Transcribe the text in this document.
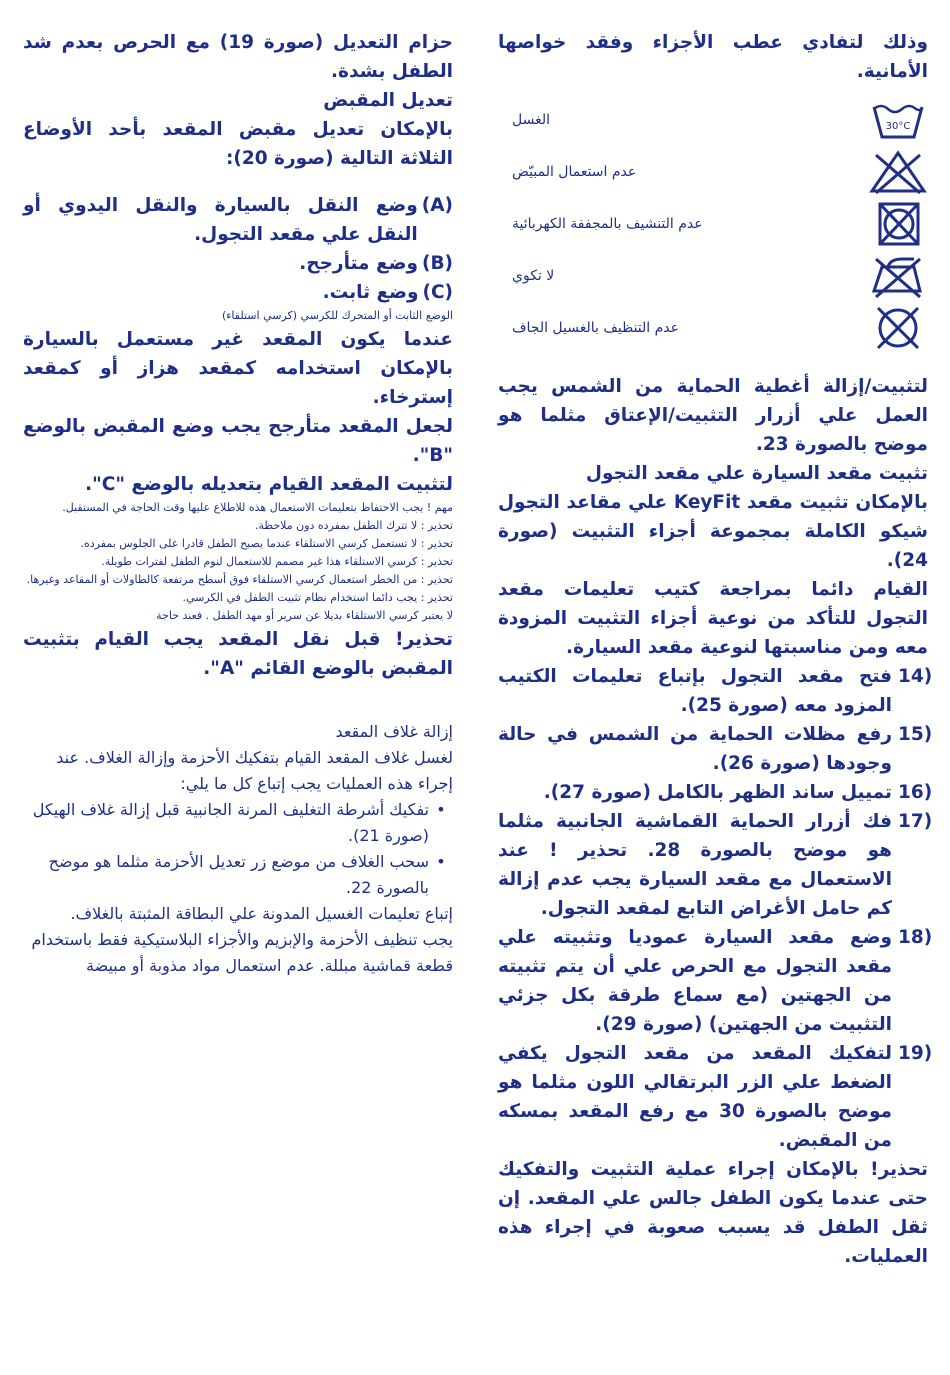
وذلك لتفادي عطب الأجزاء وفقد خواصها الأمانية.

30°C
الغسل
عدم استعمال المبيّض
عدم التنشيف بالمجففة الكهربائية
لا تكوي
عدم التنظيف بالغسيل الجاف

لتثبيت/إزالة أغطية الحماية من الشمس يجب العمل علي أزرار التثبيت/الإعتاق مثلما هو موضح بالصورة 23.

تثبيت مقعد السيارة علي مقعد التجول

بالإمكان تثبيت مقعد KeyFit علي مقاعد التجول شيكو الكاملة بمجموعة أجزاء التثبيت (صورة 24).

القيام دائما بمراجعة كتيب تعليمات مقعد التجول للتأكد من نوعية أجزاء التثبيت المزودة معه ومن مناسبتها لنوعية مقعد السيارة.

14)
فتح مقعد التجول بإتباع تعليمات الكتيب المزود معه (صورة 25).
15)
رفع مظلات الحماية من الشمس في حالة وجودها (صورة 26).
16)
تمييل ساند الظهر بالكامل (صورة 27).
17)
فك أزرار الحماية القماشية الجانبية مثلما هو موضح بالصورة 28. تحذير ! عند الاستعمال مع مقعد السيارة يجب عدم إزالة كم حامل الأغراض التابع لمقعد التجول.
18)
وضع مقعد السيارة عموديا وتثبيته علي مقعد التجول مع الحرص علي أن يتم تثبيته من الجهتين (مع سماع طرقة بكل جزئي التثبيت من الجهتين) (صورة 29).
19)
لتفكيك المقعد من مقعد التجول يكفي الضغط علي الزر البرتقالي اللون مثلما هو موضح بالصورة 30 مع رفع المقعد بمسكه من المقبض.

تحذير! بالإمكان إجراء عملية التثبيت والتفكيك حتى عندما يكون الطفل جالس علي المقعد. إن ثقل الطفل قد يسبب صعوبة في إجراء هذه العمليات.

حزام التعديل (صورة 19) مع الحرص بعدم شد الطفل بشدة.

تعديل المقبض

بالإمكان تعديل مقبض المقعد بأحد الأوضاع الثلاثة التالية (صورة 20):

(A)
وضع النقل بالسيارة والنقل اليدوي أو النقل علي مقعد التجول.
(B)
وضع متأرجح.
(C)
وضع ثابت.

الوضع الثابت أو المتحرك للكرسي (كرسي استلقاء)

عندما يكون المقعد غير مستعمل بالسيارة بالإمكان استخدامه كمقعد هزاز أو كمقعد إسترخاء.

لجعل المقعد متأرجح يجب وضع المقبض بالوضع "B".

لتثبيت المقعد القيام بتعديله بالوضع "C".

مهم ! يجب الاحتفاظ بتعليمات الاستعمال هذه للاطلاع عليها وقت الحاجة في المستقبل.

تحذير : لا تترك الطفل بمفرده دون ملاحظة.

تحذير : لا تستعمل كرسي الاستلقاء عندما يصبح الطفل قادرا على الجلوس بمفرده.

تحذير : كرسي الاستلقاء هذا غير مصمم للاستعمال لنوم الطفل لفترات طويلة.

تحذير : من الخطر استعمال كرسي الاستلقاء فوق أسطح مرتفعة كالطاولات أو المقاعد وغيرها.

تحذير : يجب دائما استخدام نظام تثبيت الطفل في الكرسي.

لا يعتبر كرسي الاستلقاء بديلا عن سرير أو مهد الطفل . فعند حاجة

تحذير! قبل نقل المقعد يجب القيام بتثبيت المقبض بالوضع القائم "A".

إزالة غلاف المقعد

لغسل غلاف المقعد القيام بتفكيك الأحزمة وإزالة الغلاف. عند إجراء هذه العمليات يجب إتباع كل ما يلي:

•
تفكيك أشرطة التغليف المرنة الجانبية قبل إزالة غلاف الهيكل (صورة 21).
•
سحب الغلاف من موضع زر تعديل الأحزمة مثلما هو موضح بالصورة 22.

إتباع تعليمات الغسيل المدونة علي البطاقة المثبتة بالغلاف.

يجب تنظيف الأحزمة والإبزيم والأجزاء البلاستيكية فقط باستخدام قطعة قماشية مبللة. عدم استعمال مواد مذوبة أو مبيضة
